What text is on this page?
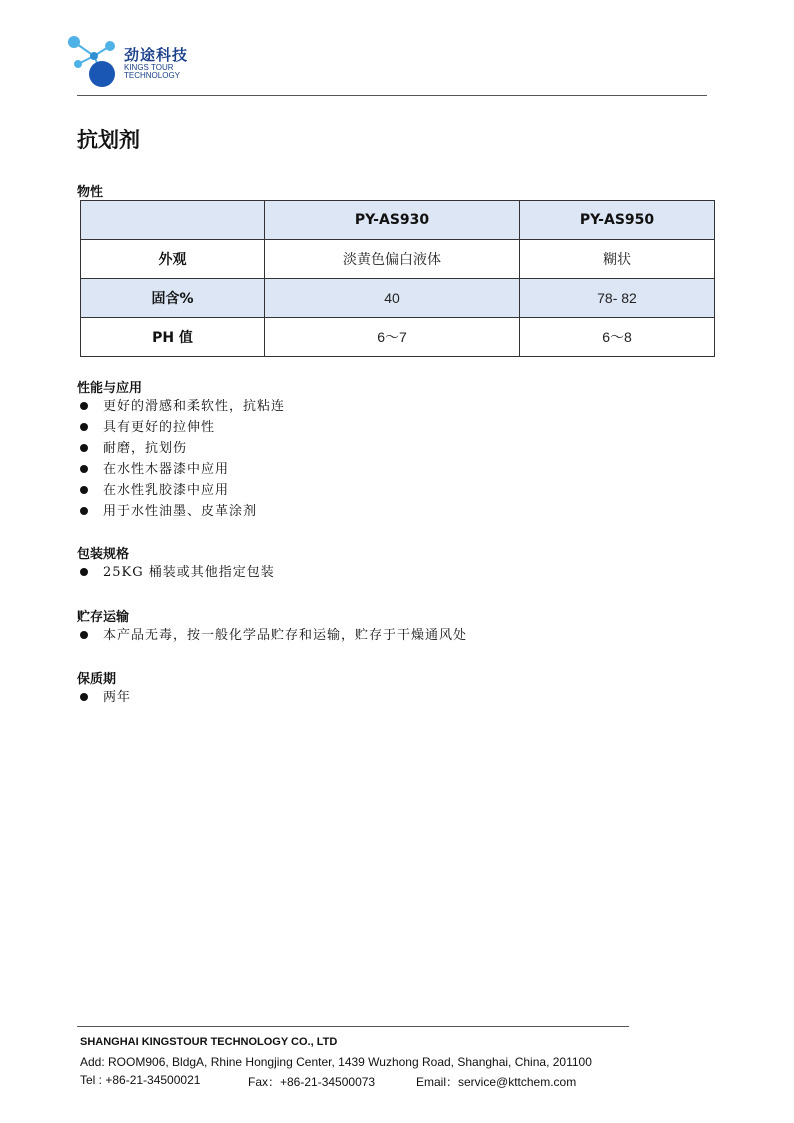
劲途科技
KINGS TOUR
TECHNOLOGY
抗划剂
物性
	PY-AS930	PY-AS950
外观	淡黄色偏白液体	糊状
固含%	40	78- 82
PH 值	6～7	6～8
性能与应用
更好的滑感和柔软性，抗粘连
具有更好的拉伸性
耐磨，抗划伤
在水性木器漆中应用
在水性乳胶漆中应用
用于水性油墨、皮革涂剂
包装规格
25KG 桶装或其他指定包装
贮存运输
本产品无毒，按一般化学品贮存和运输，贮存于干燥通风处
保质期
两年

SHANGHAI KINGSTOUR TECHNOLOGY CO., LTD

Add: ROOM906, BldgA, Rhine Hongjing Center, 1439 Wuzhong Road, Shanghai, China, 201100

Tel : +86-21-34500021	Fax：+86-21-34500073	Email：service@kttchem.com
